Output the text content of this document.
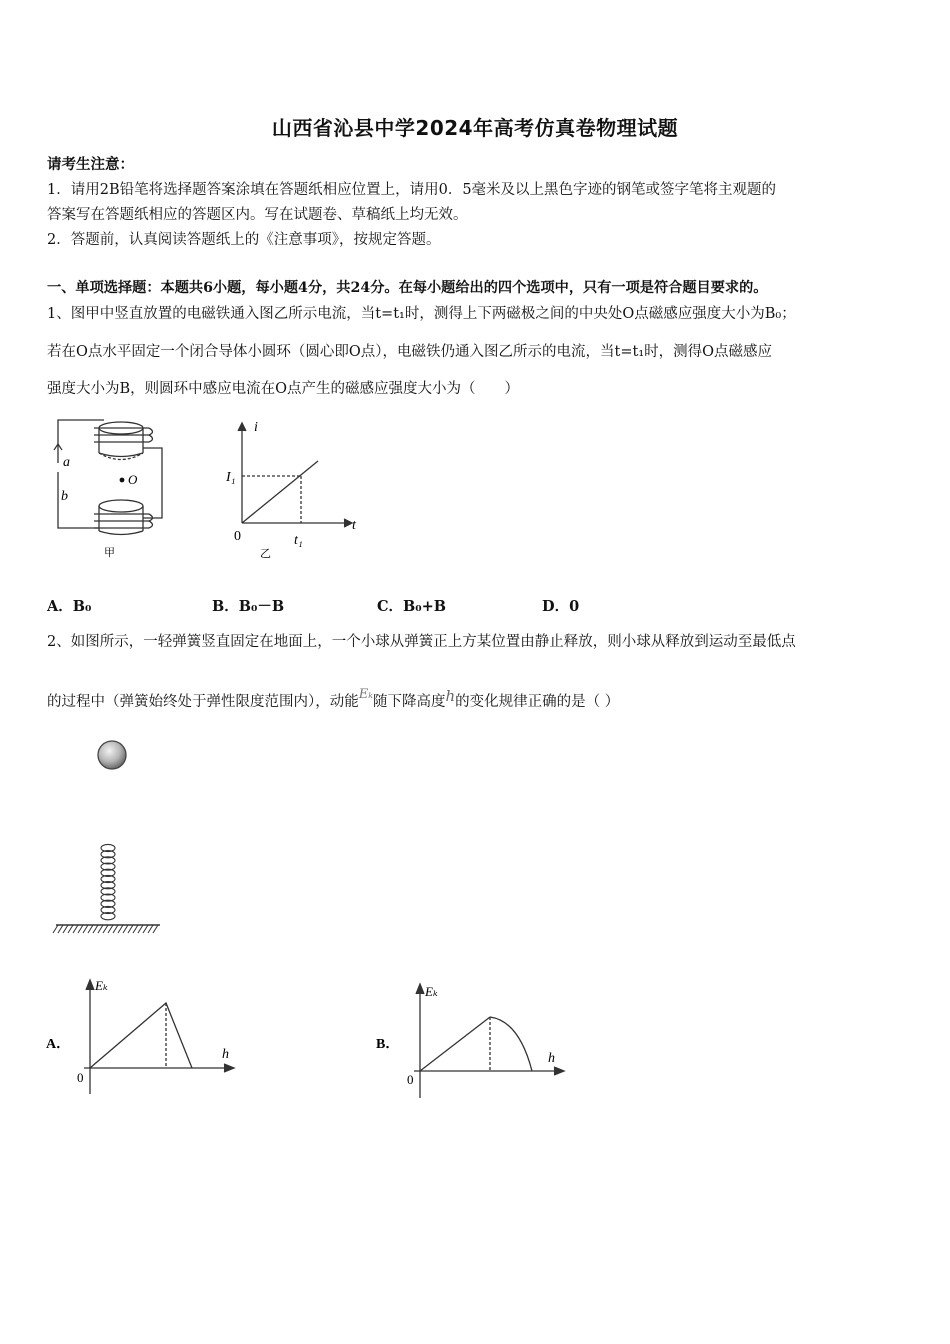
山西省沁县中学2024年高考仿真卷物理试题
请考生注意：
1．请用2B铅笔将选择题答案涂填在答题纸相应位置上，请用0．5毫米及以上黑色字迹的钢笔或签字笔将主观题的
答案写在答题纸相应的答题区内。写在试题卷、草稿纸上均无效。
2．答题前，认真阅读答题纸上的《注意事项》，按规定答题。
一、单项选择题：本题共6小题，每小题4分，共24分。在每小题给出的四个选项中，只有一项是符合题目要求的。
1、图甲中竖直放置的电磁铁通入图乙所示电流，当t=t₁时，测得上下两磁极之间的中央处O点磁感应强度大小为B₀；
若在O点水平固定一个闭合导体小圆环（圆心即O点），电磁铁仍通入图乙所示的电流，当t=t₁时，测得O点磁感应
强度大小为B，则圆环中感应电流在O点产生的磁感应强度大小为（　　）
a
b
O
甲
i
t
0
I₁
t₁
乙
A．B₀	B．B₀－B	C．B₀+B	D．0
2、如图所示，一轻弹簧竖直固定在地面上，一个小球从弹簧正上方某位置由静止释放，则小球从释放到运动至最低点
的过程中（弹簧始终处于弹性限度范围内），动能Eₖ随下降高度h的变化规律正确的是（ ）
A．
Eₖ
h
0
B．
Eₖ
h
0
